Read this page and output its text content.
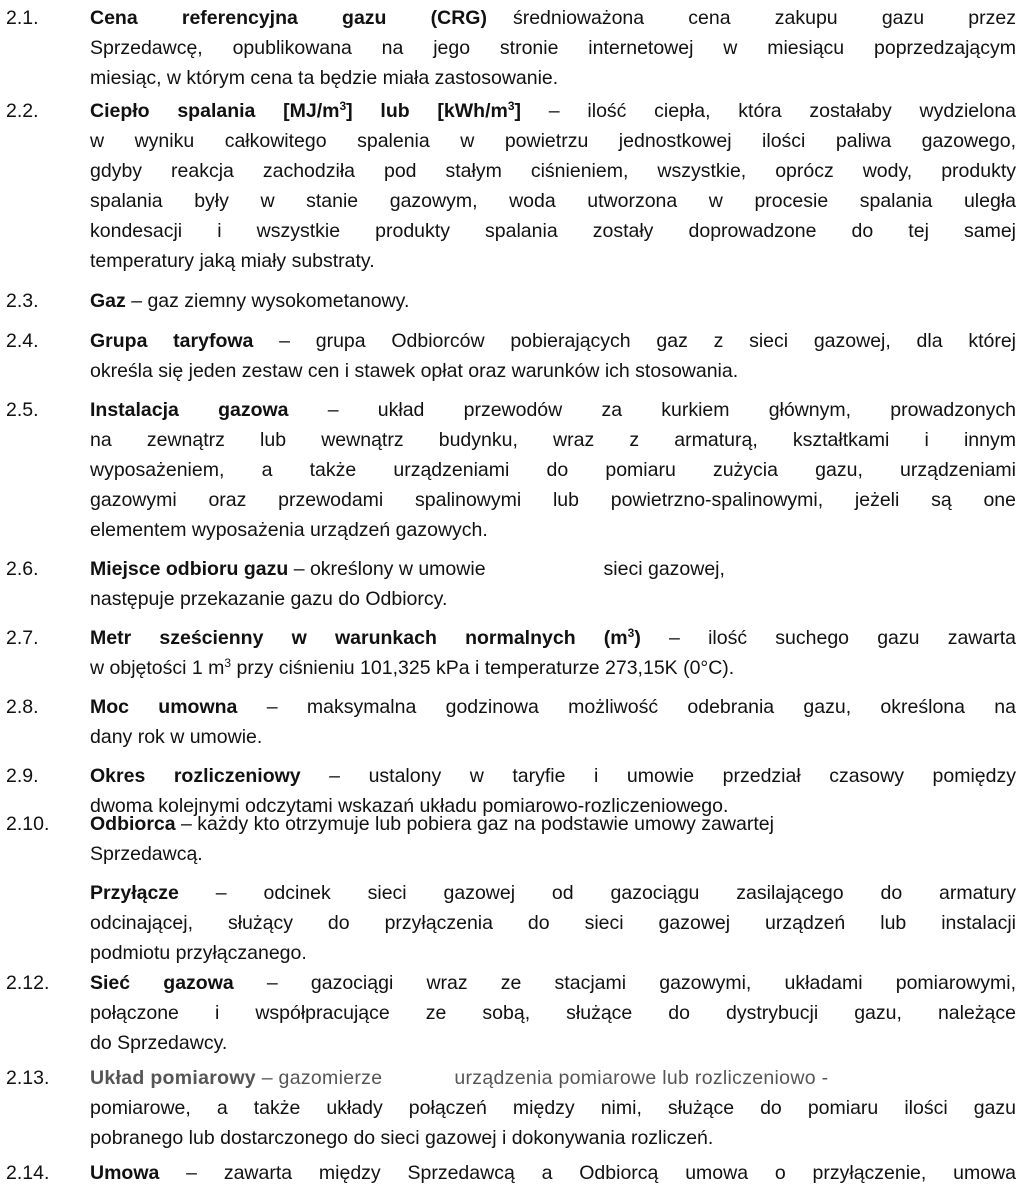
2.1.	Cena referencyjna gazu (CRG) średnioważona cena zakupu gazu przez
Sprzedawcę, opublikowana na jego stronie internetowej w miesiącu poprzedzającym
miesiąc, w którym cena ta będzie miała zastosowanie.
2.2.	Ciepło spalania $[MJ/m^3]$ lub $[kWh/m^3]$ – ilość ciepła, która zostałaby wydzielona
w wyniku całkowitego spalenia w powietrzu jednostkowej ilości paliwa gazowego,
gdyby reakcja zachodziła pod stałym ciśnieniem, wszystkie, oprócz wody, produkty
spalania były w stanie gazowym, woda utworzona w procesie spalania uległa
kondesacji i wszystkie produkty spalania zostały doprowadzone do tej samej
temperatury jaką miały substraty.
2.3.	Gaz – gaz ziemny wysokometanowy.
2.4.	Grupa taryfowa – grupa Odbiorców pobierających gaz z sieci gazowej, dla której
określa się jeden zestaw cen i stawek opłat oraz warunków ich stosowania.
2.5.	Instalacja gazowa – układ przewodów za kurkiem głównym, prowadzonych
na zewnątrz lub wewnątrz budynku, wraz z armaturą, kształtkami i innym
wyposażeniem, a także urządzeniami do pomiaru zużycia gazu, urządzeniami
gazowymi oraz przewodami spalinowymi lub powietrzno-spalinowymi, jeżeli są one
elementem wyposażenia urządzeń gazowych.
2.6.	Miejsce odbioru gazu – określony w umowie	sieci gazowej,
następuje przekazanie gazu do Odbiorcy.
2.7.	Metr sześcienny w warunkach normalnych $(m^3)$ – ilość suchego gazu zawarta
w objętości 1 $m^3$ przy ciśnieniu 101,325 kPa i temperaturze 273,15K (0°C).
2.8.	Moc umowna – maksymalna godzinowa możliwość odebrania gazu, określona na
dany rok w umowie.
2.9.	Okres rozliczeniowy – ustalony w taryfie i umowie przedział czasowy pomiędzy
dwoma kolejnymi odczytami wskazań układu pomiarowo-rozliczeniowego.
2.10. Odbiorca – każdy kto otrzymuje lub pobiera gaz na podstawie umowy zawartej
Sprzedawcą.
Przyłącze – odcinek sieci gazowej od gazociągu zasilającego do armatury
odcinającej, służący do przyłączenia do sieci gazowej urządzeń lub instalacji
podmiotu przyłączanego.
2.12. Sieć gazowa – gazociągi wraz ze stacjami gazowymi, układami pomiarowymi,
połączone i współpracujące ze sobą, służące do dystrybucji gazu, należące
do Sprzedawcy.
2.13. Układ pomiarowy – gazomierze	urządzenia pomiarowe lub rozliczeniowo -
pomiarowe, a także układy połączeń między nimi, służące do pomiaru ilości gazu
pobranego lub dostarczonego do sieci gazowej i dokonywania rozliczeń.
2.14. Umowa – zawarta między Sprzedawcą a Odbiorcą umowa o przyłączenie, umowa
